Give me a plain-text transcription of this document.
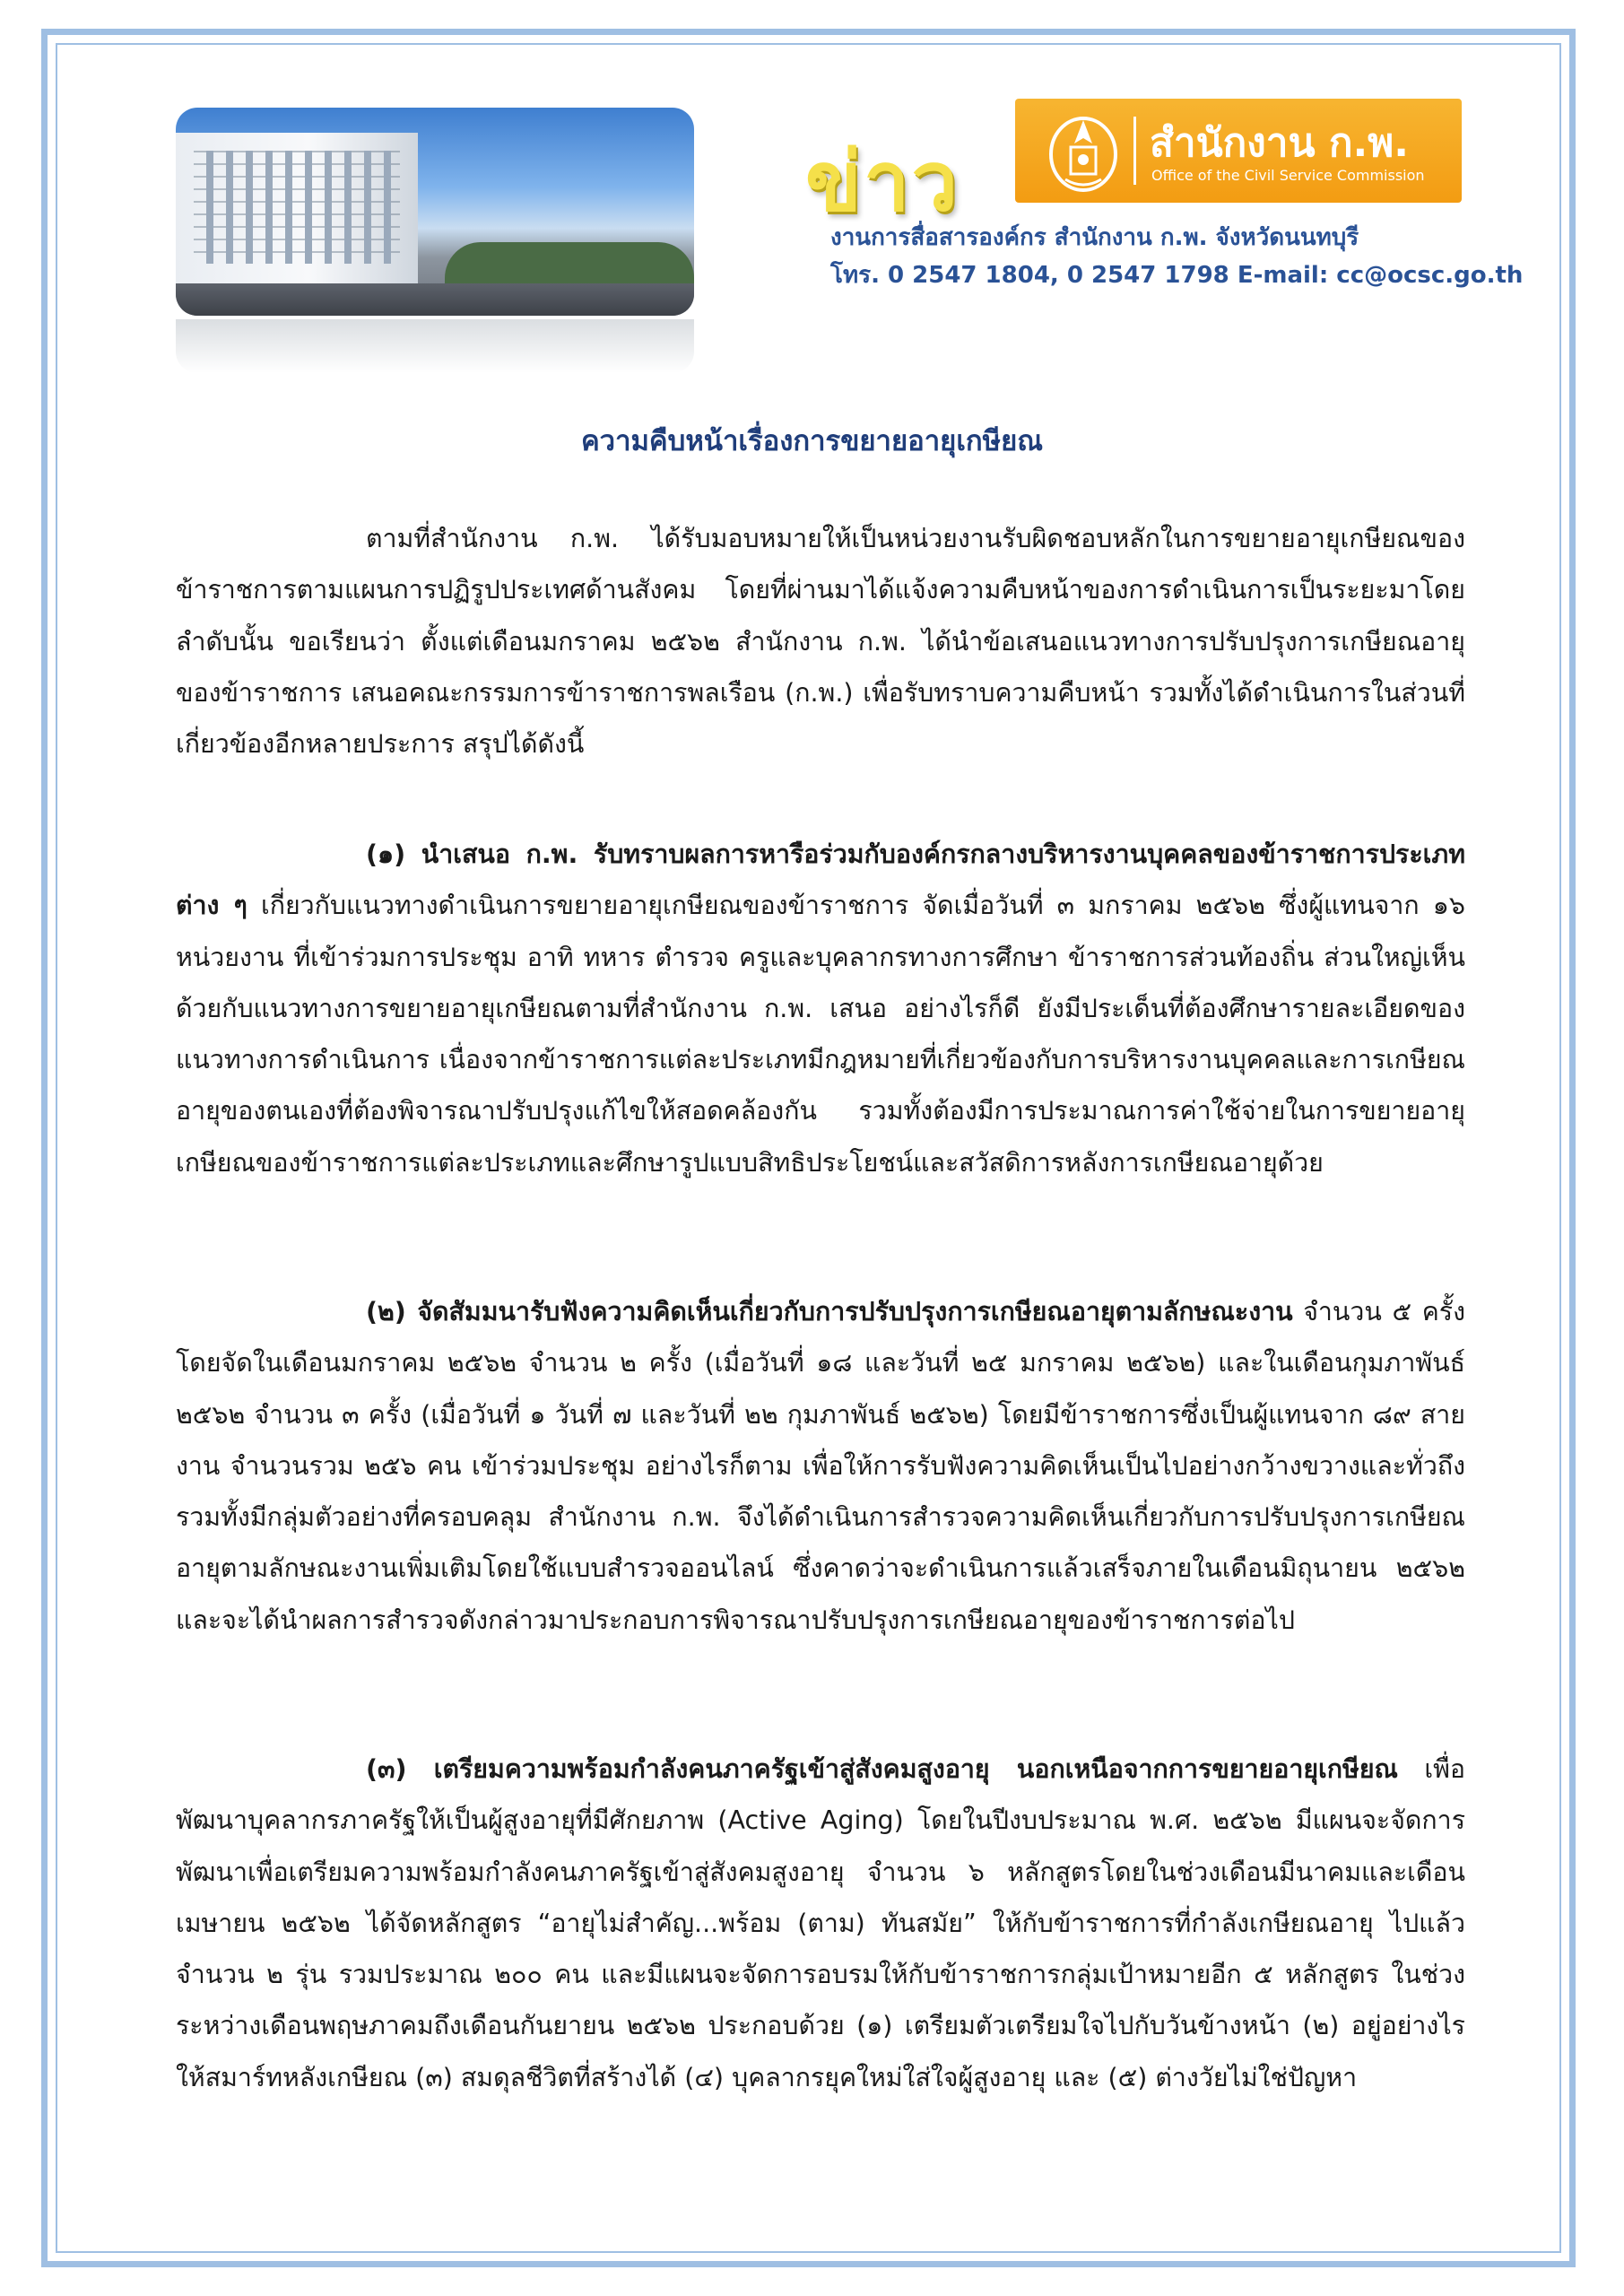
ข่าว	สำนักงาน ก.พ.
Office of the Civil Service Commission
งานการสื่อสารองค์กร สำนักงาน ก.พ. จังหวัดนนทบุรี
โทร. 0 2547 1804, 0 2547 1798 E-mail: cc@ocsc.go.th
ความคืบหน้าเรื่องการขยายอายุเกษียณ

ตามที่สำนักงาน ก.พ. ได้รับมอบหมายให้เป็นหน่วยงานรับผิดชอบหลักในการขยายอายุเกษียณของข้าราชการตามแผนการปฏิรูปประเทศด้านสังคม โดยที่ผ่านมาได้แจ้งความคืบหน้าของการดำเนินการเป็นระยะมาโดยลำดับนั้น ขอเรียนว่า ตั้งแต่เดือนมกราคม ๒๕๖๒ สำนักงาน ก.พ. ได้นำข้อเสนอแนวทางการปรับปรุงการเกษียณอายุของข้าราชการ เสนอคณะกรรมการข้าราชการพลเรือน (ก.พ.) เพื่อรับทราบความคืบหน้า รวมทั้งได้ดำเนินการในส่วนที่เกี่ยวข้องอีกหลายประการ สรุปได้ดังนี้

(๑) นำเสนอ ก.พ. รับทราบผลการหารือร่วมกับองค์กรกลางบริหารงานบุคคลของข้าราชการประเภทต่าง ๆ เกี่ยวกับแนวทางดำเนินการขยายอายุเกษียณของข้าราชการ จัดเมื่อวันที่ ๓ มกราคม ๒๕๖๒ ซึ่งผู้แทนจาก ๑๖ หน่วยงาน ที่เข้าร่วมการประชุม อาทิ ทหาร ตำรวจ ครูและบุคลากรทางการศึกษา ข้าราชการส่วนท้องถิ่น ส่วนใหญ่เห็นด้วยกับแนวทางการขยายอายุเกษียณตามที่สำนักงาน ก.พ. เสนอ อย่างไรก็ดี ยังมีประเด็นที่ต้องศึกษารายละเอียดของแนวทางการดำเนินการ เนื่องจากข้าราชการแต่ละประเภทมีกฎหมายที่เกี่ยวข้องกับการบริหารงานบุคคลและการเกษียณอายุของตนเองที่ต้องพิจารณาปรับปรุงแก้ไขให้สอดคล้องกัน รวมทั้งต้องมีการประมาณการค่าใช้จ่ายในการขยายอายุเกษียณของข้าราชการแต่ละประเภทและศึกษารูปแบบสิทธิประโยชน์และสวัสดิการหลังการเกษียณอายุด้วย

(๒) จัดสัมมนารับฟังความคิดเห็นเกี่ยวกับการปรับปรุงการเกษียณอายุตามลักษณะงาน จำนวน ๕ ครั้ง โดยจัดในเดือนมกราคม ๒๕๖๒ จำนวน ๒ ครั้ง (เมื่อวันที่ ๑๘ และวันที่ ๒๕ มกราคม ๒๕๖๒) และในเดือนกุมภาพันธ์ ๒๕๖๒ จำนวน ๓ ครั้ง (เมื่อวันที่ ๑ วันที่ ๗ และวันที่ ๒๒ กุมภาพันธ์ ๒๕๖๒) โดยมีข้าราชการซึ่งเป็นผู้แทนจาก ๘๙ สายงาน จำนวนรวม ๒๕๖ คน เข้าร่วมประชุม อย่างไรก็ตาม เพื่อให้การรับฟังความคิดเห็นเป็นไปอย่างกว้างขวางและทั่วถึง รวมทั้งมีกลุ่มตัวอย่างที่ครอบคลุม สำนักงาน ก.พ. จึงได้ดำเนินการสำรวจความคิดเห็นเกี่ยวกับการปรับปรุงการเกษียณอายุตามลักษณะงานเพิ่มเติมโดยใช้แบบสำรวจออนไลน์ ซึ่งคาดว่าจะดำเนินการแล้วเสร็จภายในเดือนมิถุนายน ๒๕๖๒ และจะได้นำผลการสำรวจดังกล่าวมาประกอบการพิจารณาปรับปรุงการเกษียณอายุของข้าราชการต่อไป

(๓) เตรียมความพร้อมกำลังคนภาครัฐเข้าสู่สังคมสูงอายุ นอกเหนือจากการขยายอายุเกษียณ เพื่อพัฒนาบุคลากรภาครัฐให้เป็นผู้สูงอายุที่มีศักยภาพ (Active Aging) โดยในปีงบประมาณ พ.ศ. ๒๕๖๒ มีแผนจะจัดการพัฒนาเพื่อเตรียมความพร้อมกำลังคนภาครัฐเข้าสู่สังคมสูงอายุ จำนวน ๖ หลักสูตรโดยในช่วงเดือนมีนาคมและเดือนเมษายน ๒๕๖๒ ได้จัดหลักสูตร “อายุไม่สำคัญ...พร้อม (ตาม) ทันสมัย” ให้กับข้าราชการที่กำลังเกษียณอายุ ไปแล้ว จำนวน ๒ รุ่น รวมประมาณ ๒๐๐ คน และมีแผนจะจัดการอบรมให้กับข้าราชการกลุ่มเป้าหมายอีก ๕ หลักสูตร ในช่วงระหว่างเดือนพฤษภาคมถึงเดือนกันยายน ๒๕๖๒ ประกอบด้วย (๑) เตรียมตัวเตรียมใจไปกับวันข้างหน้า (๒) อยู่อย่างไรให้สมาร์ทหลังเกษียณ (๓) สมดุลชีวิตที่สร้างได้ (๔) บุคลากรยุคใหม่ใส่ใจผู้สูงอายุ และ (๕) ต่างวัยไม่ใช่ปัญหา
